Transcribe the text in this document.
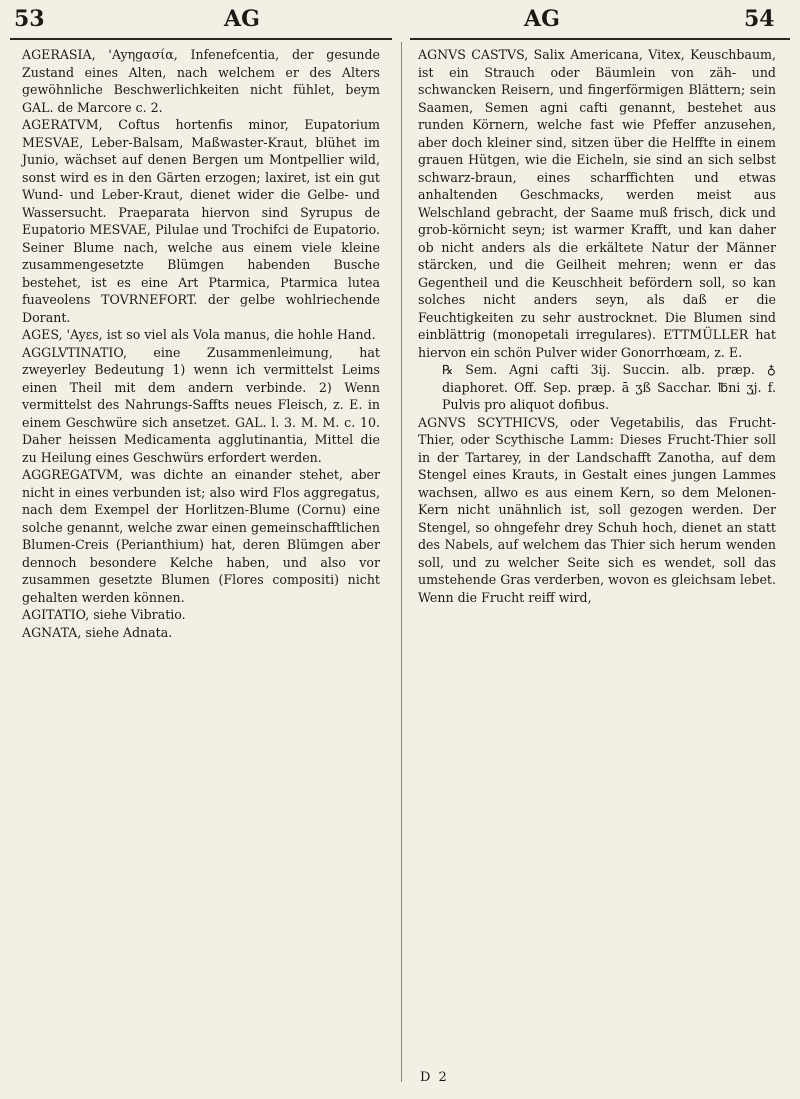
53	AG	AG	54

AGERASIA, 'Ayηgασία, Infenefcentia, der gesunde Zustand eines Alten, nach welchem er des Alters gewöhnliche Beschwerlichkeiten nicht fühlet, beym GAL. de Marcore c. 2.

AGERATVM, Coftus hortenfis minor, Eupatorium MESVAE, Leber-Balsam, Maßwaster-Kraut, blühet im Junio, wächset auf denen Bergen um Montpellier wild, sonst wird es in den Gärten erzogen; laxiret, ist ein gut Wund- und Leber-Kraut, dienet wider die Gelbe- und Wassersucht. Praeparata hiervon sind Syrupus de Eupatorio MESVAE, Pilulae und Trochifci de Eupatorio. Seiner Blume nach, welche aus einem viele kleine zusammengesetzte Blümgen habenden Busche bestehet, ist es eine Art Ptarmica, Ptarmica lutea fuaveolens TOVRNEFORT. der gelbe wohlriechende Dorant.

AGES, 'Ayεs, ist so viel als Vola manus, die hohle Hand.

AGGLVTINATIO, eine Zusammenleimung, hat zweyerley Bedeutung 1) wenn ich vermittelst Leims einen Theil mit dem andern verbinde. 2) Wenn vermittelst des Nahrungs-Saffts neues Fleisch, z. E. in einem Geschwüre sich ansetzet. GAL. l. 3. M. M. c. 10. Daher heissen Medicamenta agglutinantia, Mittel die zu Heilung eines Geschwürs erfordert werden.

AGGREGATVM, was dichte an einander stehet, aber nicht in eines verbunden ist; also wird Flos aggregatus, nach dem Exempel der Horlitzen-Blume (Cornu) eine solche genannt, welche zwar einen gemeinschafftlichen Blumen-Creis (Perianthium) hat, deren Blümgen aber dennoch besondere Kelche haben, und also vor zusammen gesetzte Blumen (Flores compositi) nicht gehalten werden können.

AGITATIO, siehe Vibratio.

AGNATA, siehe Adnata.

AGNVS CASTVS, Salix Americana, Vitex, Keuschbaum, ist ein Strauch oder Bäumlein von zäh- und schwancken Reisern, und fingerförmigen Blättern; sein Saamen, Semen agni cafti genannt, bestehet aus runden Körnern, welche fast wie Pfeffer anzusehen, aber doch kleiner sind, sitzen über die Helffte in einem grauen Hütgen, wie die Eicheln, sie sind an sich selbst schwarz-braun, eines scharffichten und etwas anhaltenden Geschmacks, werden meist aus Welschland gebracht, der Saame muß frisch, dick und grob-körnicht seyn; ist warmer Krafft, und kan daher ob nicht anders als die erkältete Natur der Männer stärcken, und die Geilheit mehren; wenn er das Gegentheil und die Keuschheit befördern soll, so kan solches nicht anders seyn, als daß er die Feuchtigkeiten zu sehr austrocknet. Die Blumen sind einblättrig (monopetali irregulares). ETTMÜLLER hat hiervon ein schön Pulver wider Gonorrhœam, z. E.

℞ Sem. Agni cafti 3ij. Succin. alb. præp. ♁ diaphoret. Off. Sep. præp. ā ʒß Sacchar. ℔ni ʒj. f. Pulvis pro aliquot dofibus.

AGNVS SCYTHICVS, oder Vegetabilis, das Frucht-Thier, oder Scythische Lamm: Dieses Frucht-Thier soll in der Tartarey, in der Landschafft Zanotha, auf dem Stengel eines Krauts, in Gestalt eines jungen Lammes wachsen, allwo es aus einem Kern, so dem Melonen-Kern nicht unähnlich ist, soll gezogen werden. Der Stengel, so ohngefehr drey Schuh hoch, dienet an statt des Nabels, auf welchem das Thier sich herum wenden soll, und zu welcher Seite sich es wendet, soll das umstehende Gras verderben, wovon es gleichsam lebet. Wenn die Frucht reiff wird,

D 2
